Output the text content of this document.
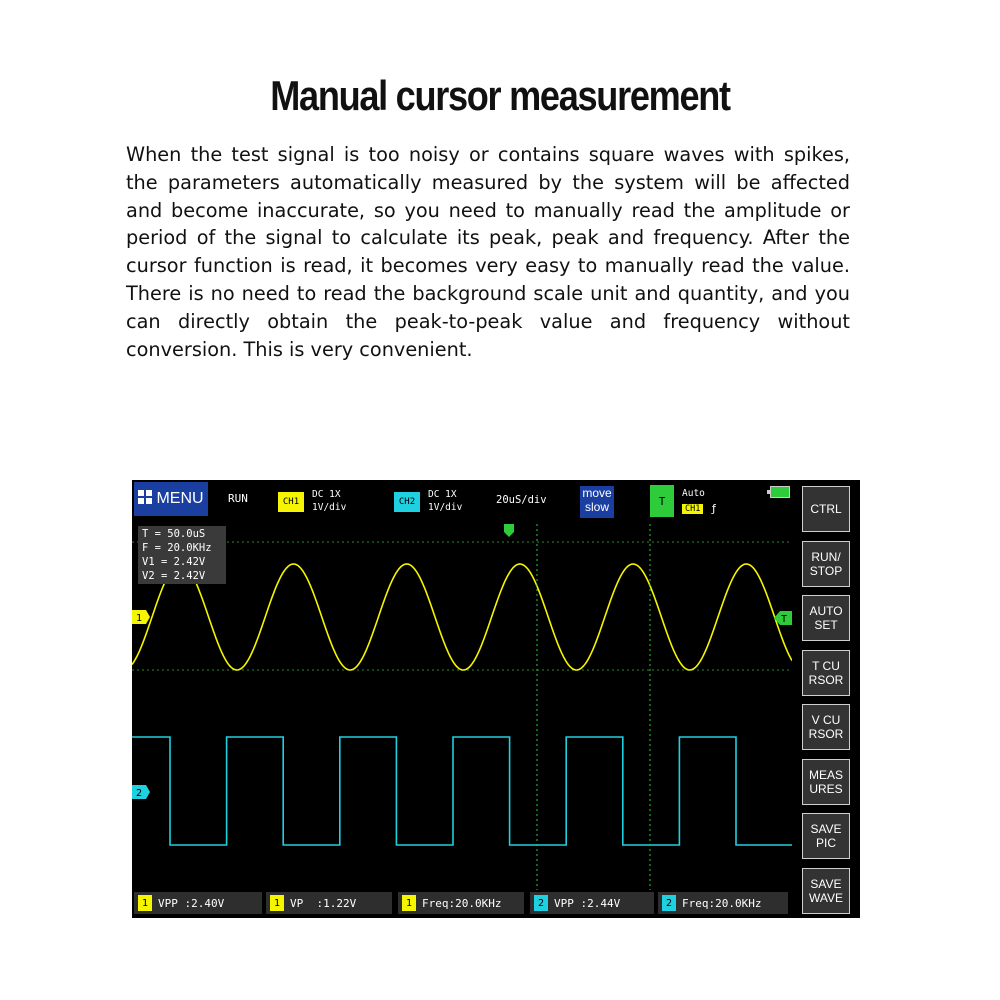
Manual cursor measurement
When the test signal is too noisy or contains square waves with spikes, the parameters automatically measured by the system will be affected and become inaccurate, so you need to manually read the amplitude or period of the signal to calculate its peak, peak and frequency. After the cursor function is read, it becomes very easy to manually read the value. There is no need to read the background scale unit and quantity, and you can directly obtain the peak-to-peak value and frequency without conversion. This is very convenient.
1
2
T
MENU RUN	CH1
DC 1X
1V/div	CH2
DC 1X
1V/div
20uS/div	move
slow	T
Auto
CH1 ƒ
T = 50.0uS
F = 20.0KHz
V1 = 2.42V
V2 = 2.42V
1 VPP :2.40V	1 VP  :1.22V	1 Freq:20.0KHz	2 VPP :2.44V	2 Freq:20.0KHz
CTRL
RUN/
STOP
AUTO
SET
T CU
RSOR
V CU
RSOR
MEAS
URES
SAVE
PIC
SAVE
WAVE
